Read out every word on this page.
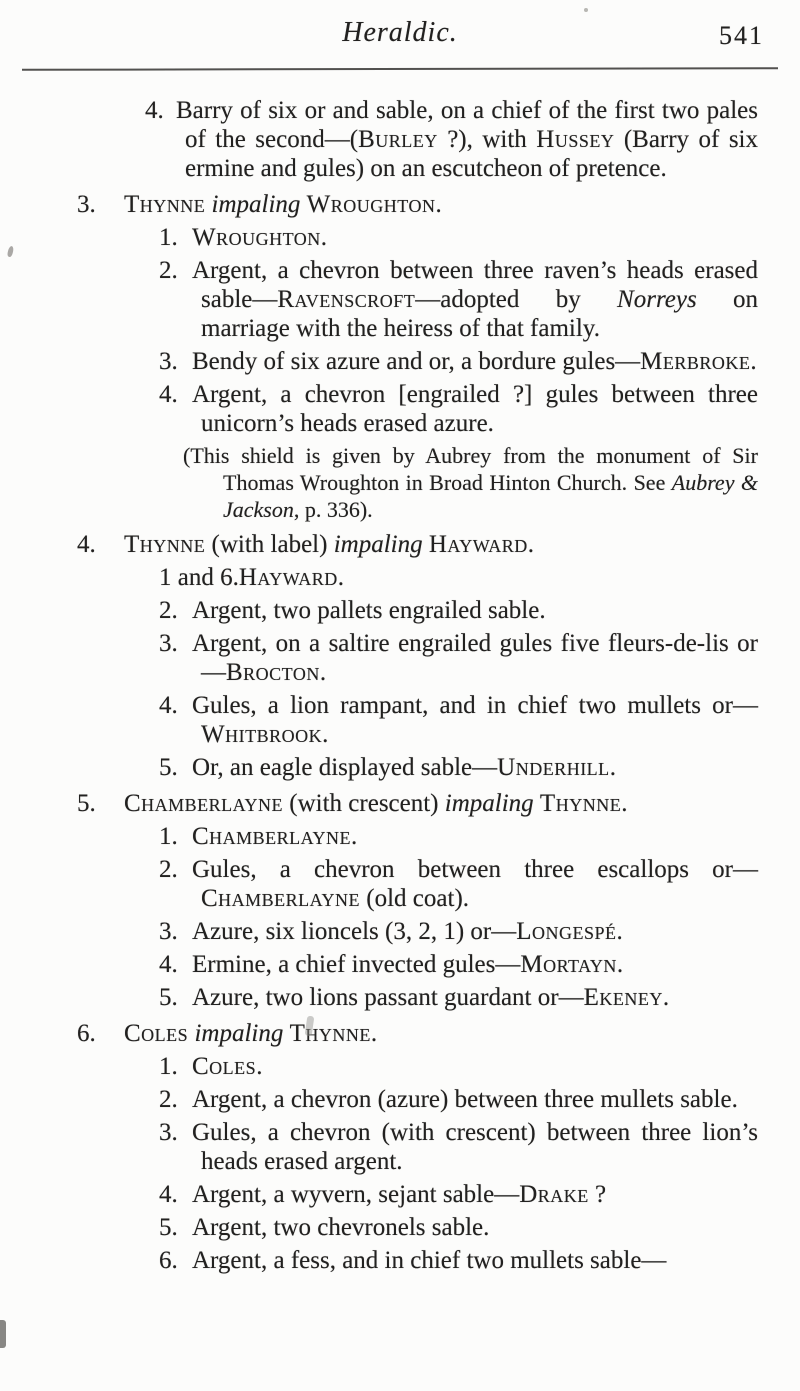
Heraldic.	541
4. Barry of six or and sable, on a chief of the first two pales of the second—(Burley ?), with Hussey (Barry of six ermine and gules) on an escutcheon of pretence.
3.	Thynne impaling Wroughton.
1. Wroughton.
2. Argent, a chevron between three raven’s heads erased sable—Ravenscroft—adopted by Norreys on marriage with the heiress of that family.
3. Bendy of six azure and or, a bordure gules—Merbroke.
4. Argent, a chevron [engrailed ?] gules between three unicorn’s heads erased azure.
(This shield is given by Aubrey from the monument of Sir Thomas Wroughton in Broad Hinton Church. See Aubrey & Jackson, p. 336).
4.	Thynne (with label) impaling Hayward.
1 and 6. Hayward.
2. Argent, two pallets engrailed sable.
3. Argent, on a saltire engrailed gules five fleurs-de-lis or—Brocton.
4. Gules, a lion rampant, and in chief two mullets or—Whitbrook.
5. Or, an eagle displayed sable—Underhill.
5.	Chamberlayne (with crescent) impaling Thynne.
1. Chamberlayne.
2. Gules, a chevron between three escallops or—Chamberlayne (old coat).
3. Azure, six lioncels (3, 2, 1) or—Longespé.
4. Ermine, a chief invected gules—Mortayn.
5. Azure, two lions passant guardant or—Ekeney.
6.	Coles impaling Thynne.
1. Coles.
2. Argent, a chevron (azure) between three mullets sable.
3. Gules, a chevron (with crescent) between three lion’s heads erased argent.
4. Argent, a wyvern, sejant sable—Drake ?
5. Argent, two chevronels sable.
6. Argent, a fess, and in chief two mullets sable—
